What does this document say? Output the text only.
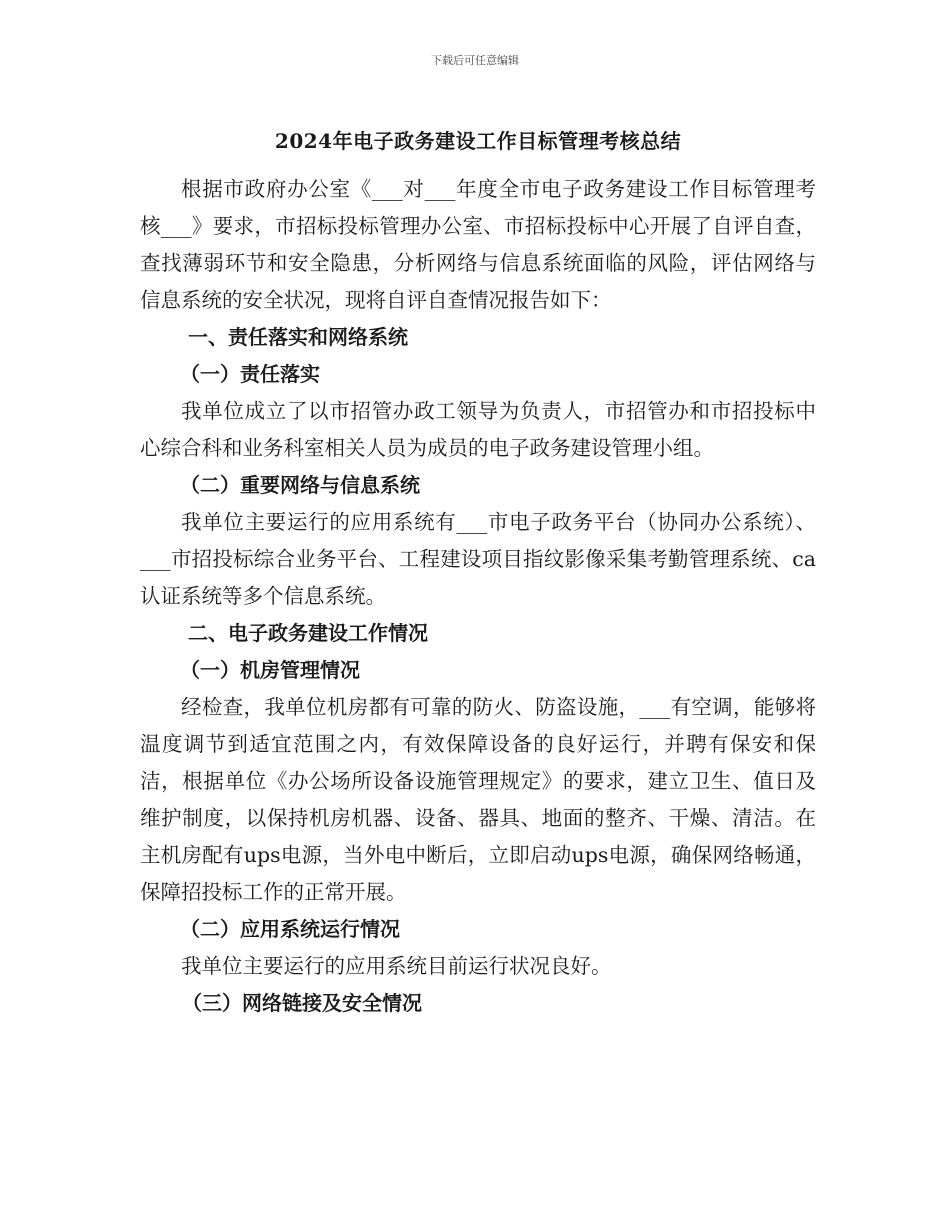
下载后可任意编辑
2024年电子政务建设工作目标管理考核总结

根据市政府办公室《___对___年度全市电子政务建设工作目标管理考核___》要求，市招标投标管理办公室、市招标投标中心开展了自评自查，查找薄弱环节和安全隐患，分析网络与信息系统面临的风险，评估网络与信息系统的安全状况，现将自评自查情况报告如下：

一、责任落实和网络系统

（一）责任落实

我单位成立了以市招管办政工领导为负责人，市招管办和市招投标中心综合科和业务科室相关人员为成员的电子政务建设管理小组。

（二）重要网络与信息系统

我单位主要运行的应用系统有___市电子政务平台（协同办公系统）、___市招投标综合业务平台、工程建设项目指纹影像采集考勤管理系统、ca认证系统等多个信息系统。

二、电子政务建设工作情况

（一）机房管理情况

经检查，我单位机房都有可靠的防火、防盗设施，___有空调，能够将温度调节到适宜范围之内，有效保障设备的良好运行，并聘有保安和保洁，根据单位《办公场所设备设施管理规定》的要求，建立卫生、值日及维护制度，以保持机房机器、设备、器具、地面的整齐、干燥、清洁。在主机房配有ups电源，当外电中断后，立即启动ups电源，确保网络畅通，保障招投标工作的正常开展。

（二）应用系统运行情况

我单位主要运行的应用系统目前运行状况良好。

（三）网络链接及安全情况
